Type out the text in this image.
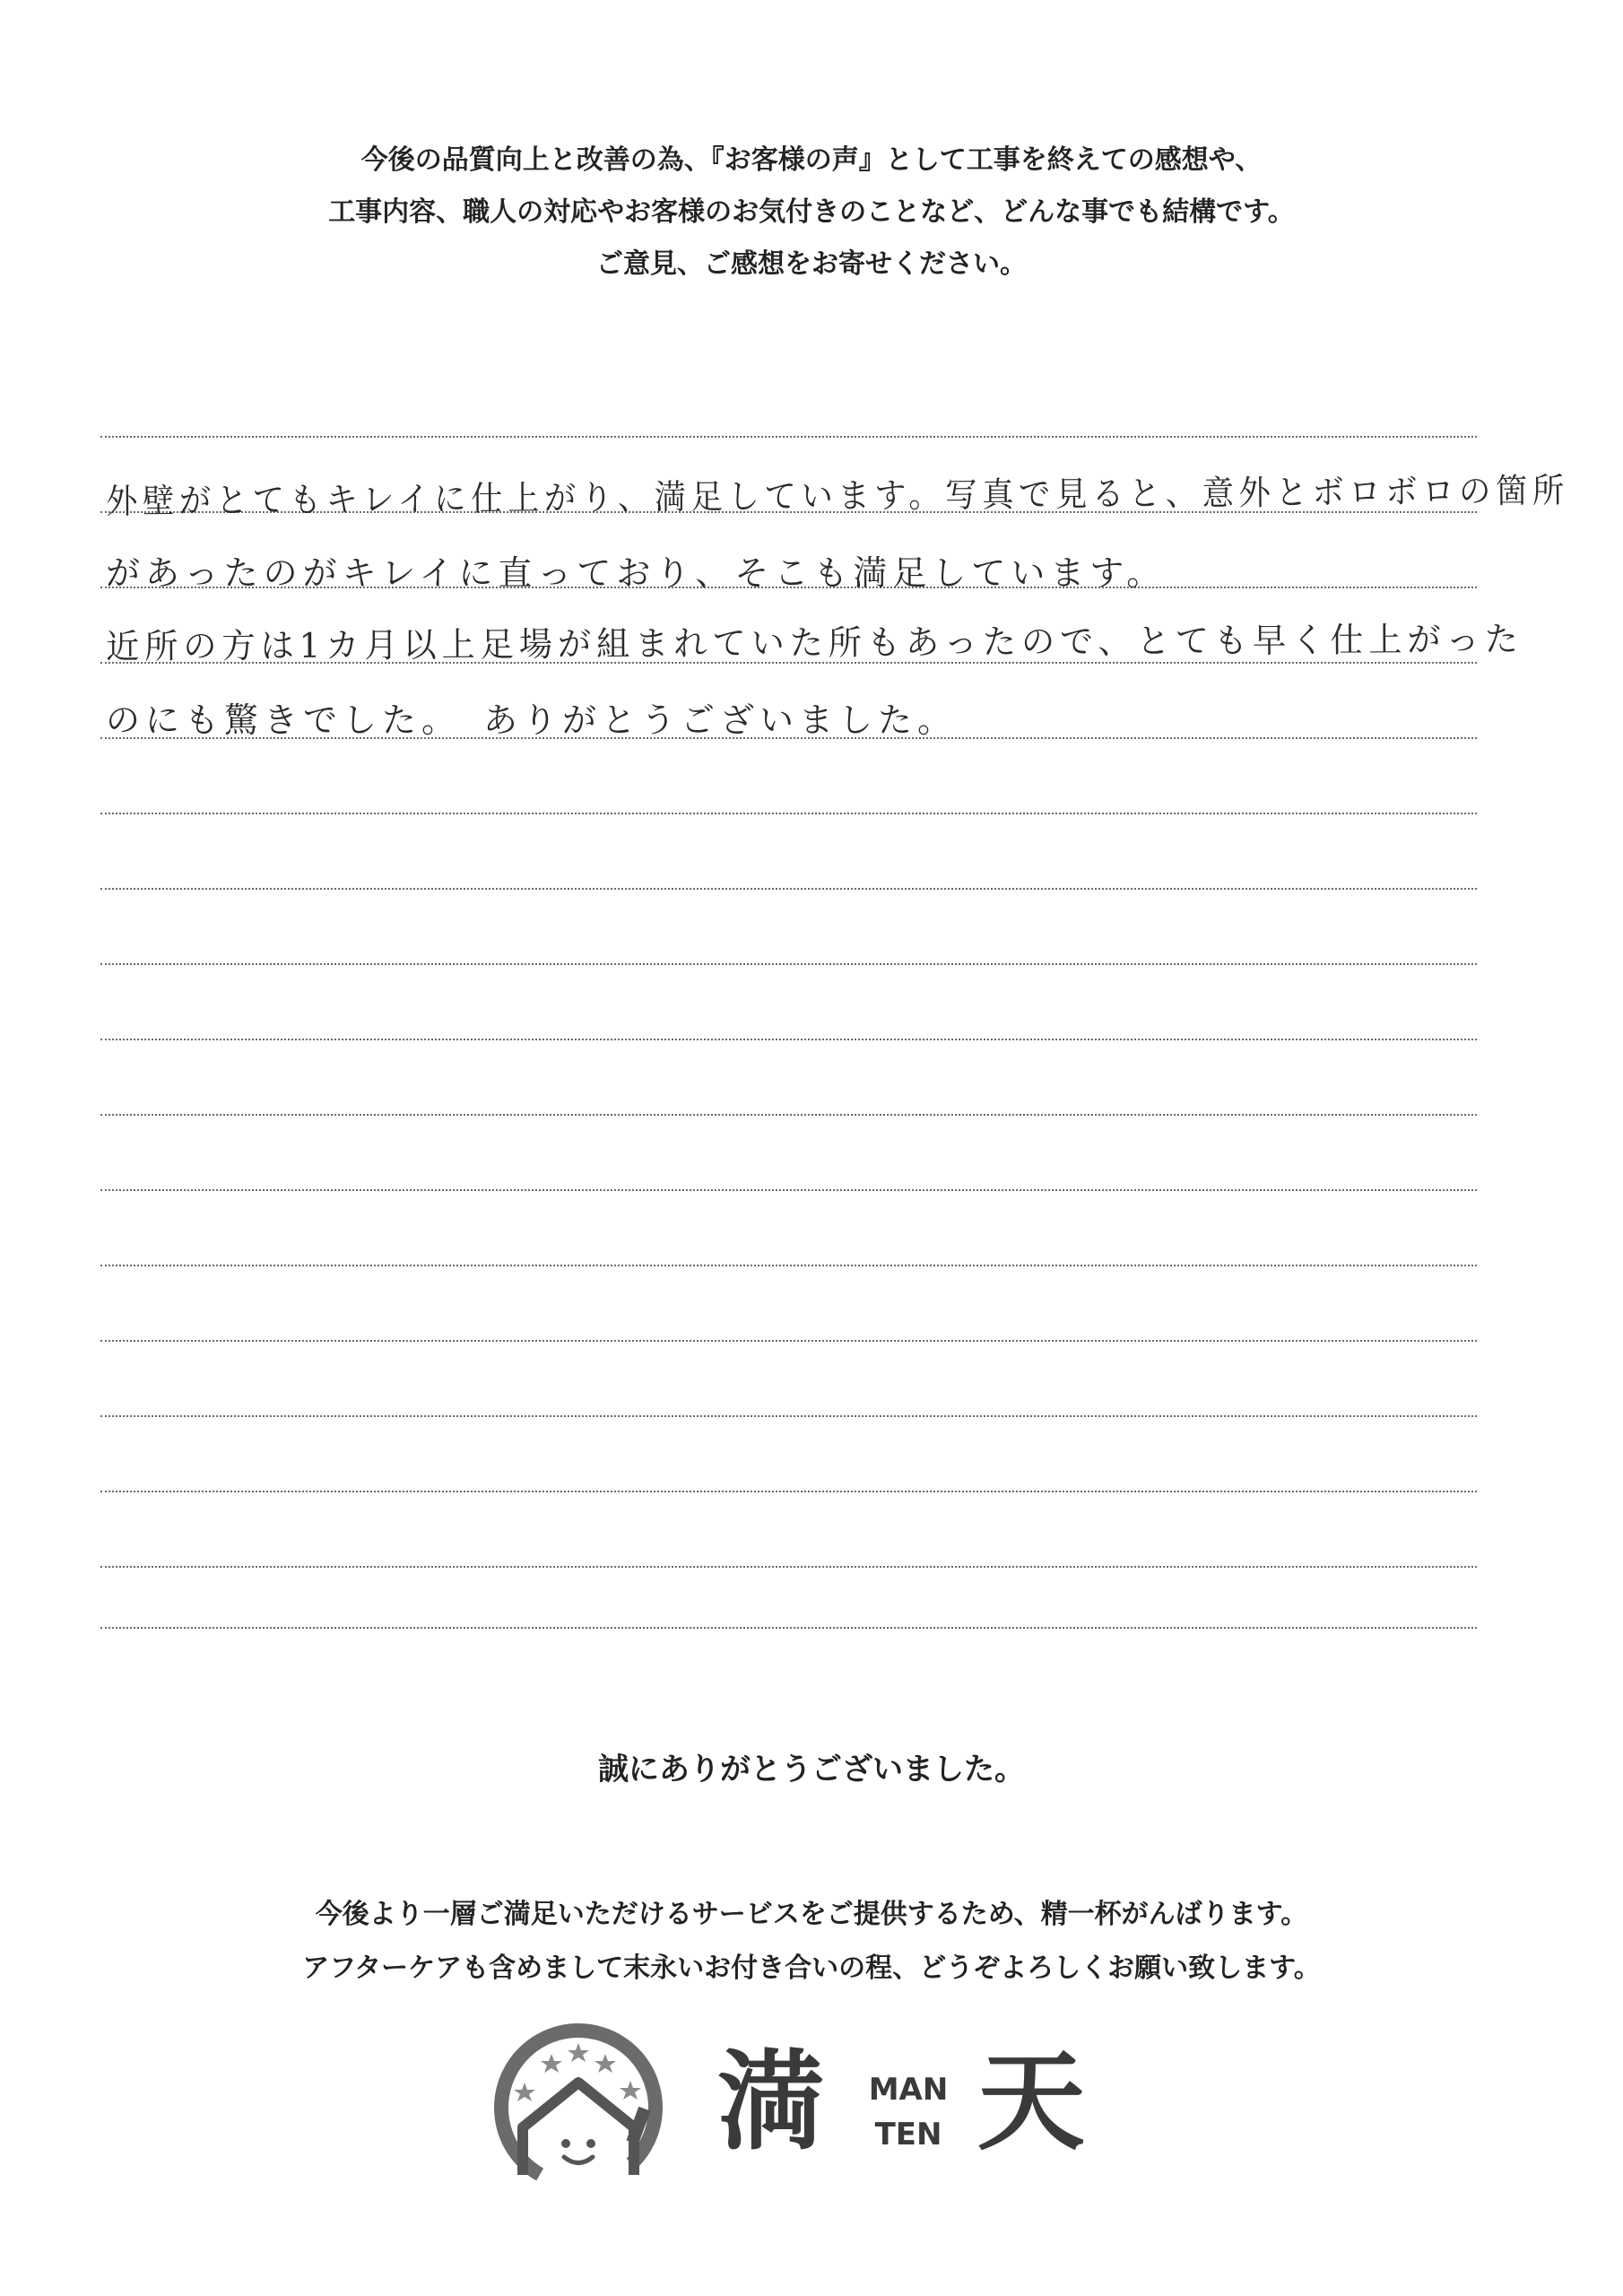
今後の品質向上と改善の為、『お客様の声』として工事を終えての感想や、
工事内容、職人の対応やお客様のお気付きのことなど、どんな事でも結構です。
ご意見、ご感想をお寄せください。
外壁がとてもキレイに仕上がり、満足しています。写真で見ると、意外とボロボロの箇所
があったのがキレイに直っており、そこも満足しています。
近所の方は1カ月以上足場が組まれていた所もあったので、とても早く仕上がった
のにも驚きでした。　ありがとうございました。
誠にありがとうございました。
今後より一層ご満足いただけるサービスをご提供するため、精一杯がんばります。
アフターケアも含めまして末永いお付き合いの程、どうぞよろしくお願い致します。
満	MAN
TEN 天
